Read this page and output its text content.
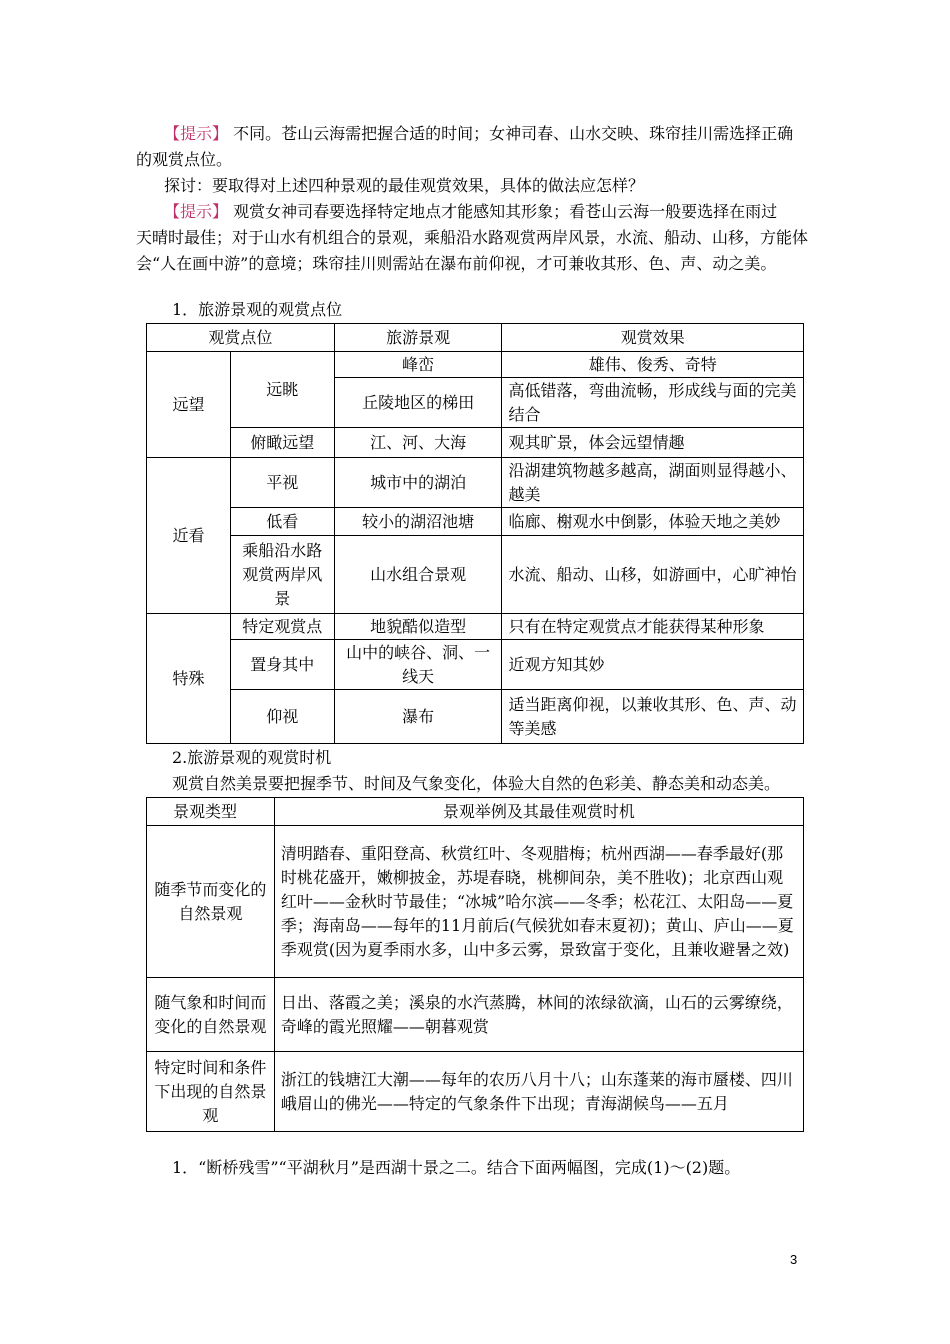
【提示】 不同。苍山云海需把握合适的时间；女神司春、山水交映、珠帘挂川需选择正确
的观赏点位。
探讨：要取得对上述四种景观的最佳观赏效果，具体的做法应怎样？
【提示】 观赏女神司春要选择特定地点才能感知其形象；看苍山云海一般要选择在雨过
天晴时最佳；对于山水有机组合的景观，乘船沿水路观赏两岸风景，水流、船动、山移，方能体
会“人在画中游”的意境；珠帘挂川则需站在瀑布前仰视，才可兼收其形、色、声、动之美。
1．旅游景观的观赏点位
观赏点位		旅游景观	观赏效果
远望	远眺	峰峦	雄伟、俊秀、奇特
		丘陵地区的梯田	高低错落，弯曲流畅，形成线与面的完美结合
	俯瞰远望	江、河、大海	观其旷景，体会远望情趣
近看	平视	城市中的湖泊	沿湖建筑物越多越高，湖面则显得越小、越美
	低看	较小的湖沼池塘	临廊、榭观水中倒影，体验天地之美妙
	乘船沿水路观赏两岸风景	山水组合景观	水流、船动、山移，如游画中，心旷神怡
特殊	特定观赏点	地貌酷似造型	只有在特定观赏点才能获得某种形象
	置身其中	山中的峡谷、洞、一线天	近观方知其妙
	仰视	瀑布	适当距离仰视，以兼收其形、色、声、动等美感
2.旅游景观的观赏时机
观赏自然美景要把握季节、时间及气象变化，体验大自然的色彩美、静态美和动态美。
景观类型	景观举例及其最佳观赏时机
随季节而变化的自然景观	清明踏春、重阳登高、秋赏红叶、冬观腊梅；杭州西湖——春季最好(那时桃花盛开，嫩柳披金，苏堤春晓，桃柳间杂，美不胜收)；北京西山观红叶——金秋时节最佳；“冰城”哈尔滨——冬季；松花江、太阳岛——夏季；海南岛——每年的11月前后(气候犹如春末夏初)；黄山、庐山——夏季观赏(因为夏季雨水多，山中多云雾，景致富于变化，且兼收避暑之效)
随气象和时间而变化的自然景观	日出、落霞之美；溪泉的水汽蒸腾，林间的浓绿欲滴，山石的云雾缭绕，奇峰的霞光照耀——朝暮观赏
特定时间和条件下出现的自然景观	浙江的钱塘江大潮——每年的农历八月十八；山东蓬莱的海市蜃楼、四川峨眉山的佛光——特定的气象条件下出现；青海湖候鸟——五月
1．“断桥残雪”“平湖秋月”是西湖十景之二。结合下面两幅图，完成(1)～(2)题。
3
